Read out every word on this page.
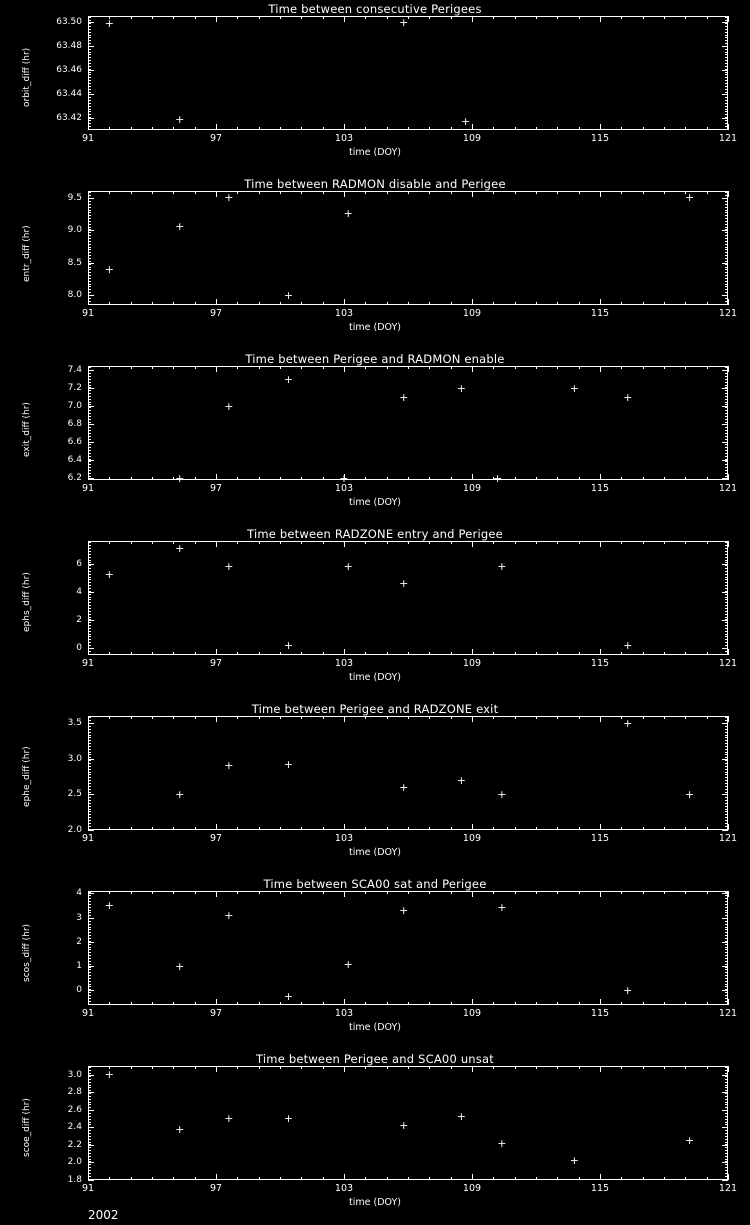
Time between consecutive Perigees
63.42
63.44
63.46
63.48
63.50
91	97	103	109	115	121
orbit_diff (hr)
time (DOY)
+
+
+
+
Time between RADMON disable and Perigee
8.0
8.5
9.0
9.5
91	97	103	109	115	121
entr_diff (hr)
time (DOY)
+
+
+
+
+
+
Time between Perigee and RADMON enable
6.2
6.4
6.6
6.8
7.0
7.2
7.4
91	97	103	109	115	121
exit_diff (hr)
time (DOY)
+
+
+
+
+
+
+
+
+
Time between RADZONE entry and Perigee
0
2
4
6
91	97	103	109	115	121
ephs_diff (hr)
time (DOY)
+
+
+
+
+
+
+
+
Time between Perigee and RADZONE exit
2.0
2.5
3.0
3.5
91	97	103	109	115	121
ephe_diff (hr)
time (DOY)
+
+	+
+
+
+
+
+
Time between SCA00 sat and Perigee
0
1
2
3
4
91	97	103	109	115	121
scos_diff (hr)
time (DOY)
+
+
+
+
+
+	+
+
Time between Perigee and SCA00 unsat
1.8
2.0
2.2
2.4
2.6
2.8
3.0
91	97	103	109	115	121
scoe_diff (hr)
time (DOY)
+
+
+	+
+
+
+
+
+
2002
